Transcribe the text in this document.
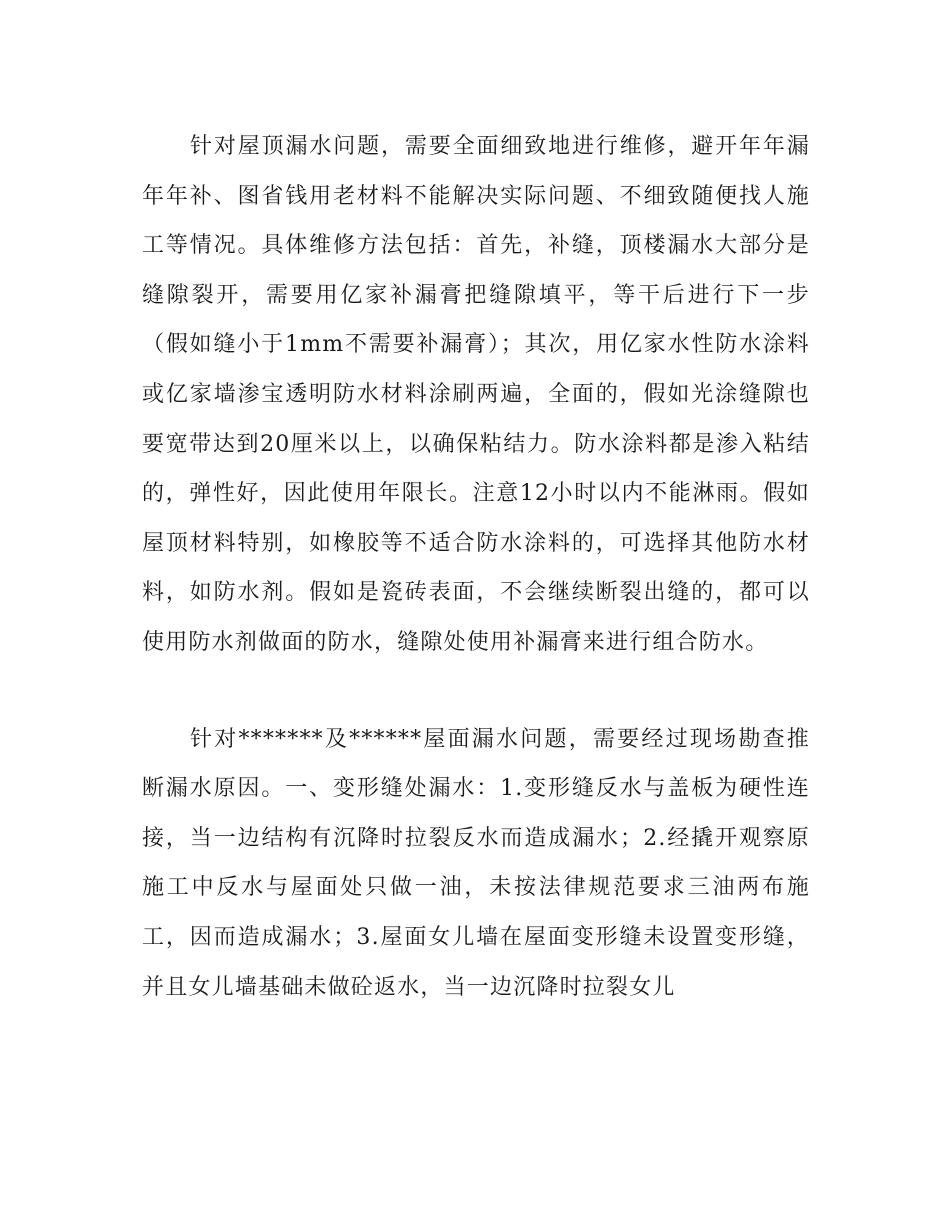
针对屋顶漏水问题，需要全面细致地进行维修，避开年年漏年年补、图省钱用老材料不能解决实际问题、不细致随便找人施工等情况。具体维修方法包括：首先，补缝，顶楼漏水大部分是缝隙裂开，需要用亿家补漏膏把缝隙填平，等干后进行下一步（假如缝小于1mm不需要补漏膏）；其次，用亿家水性防水涂料或亿家墙渗宝透明防水材料涂刷两遍，全面的，假如光涂缝隙也要宽带达到20厘米以上，以确保粘结力。防水涂料都是渗入粘结的，弹性好，因此使用年限长。注意12小时以内不能淋雨。假如屋顶材料特别，如橡胶等不适合防水涂料的，可选择其他防水材料，如防水剂。假如是瓷砖表面，不会继续断裂出缝的，都可以使用防水剂做面的防水，缝隙处使用补漏膏来进行组合防水。

针对*******及******屋面漏水问题，需要经过现场勘查推断漏水原因。一、变形缝处漏水：1.变形缝反水与盖板为硬性连接，当一边结构有沉降时拉裂反水而造成漏水；2.经撬开观察原施工中反水与屋面处只做一油，未按法律规范要求三油两布施工，因而造成漏水；3.屋面女儿墙在屋面变形缝未设置变形缝，并且女儿墙基础未做砼返水，当一边沉降时拉裂女儿
